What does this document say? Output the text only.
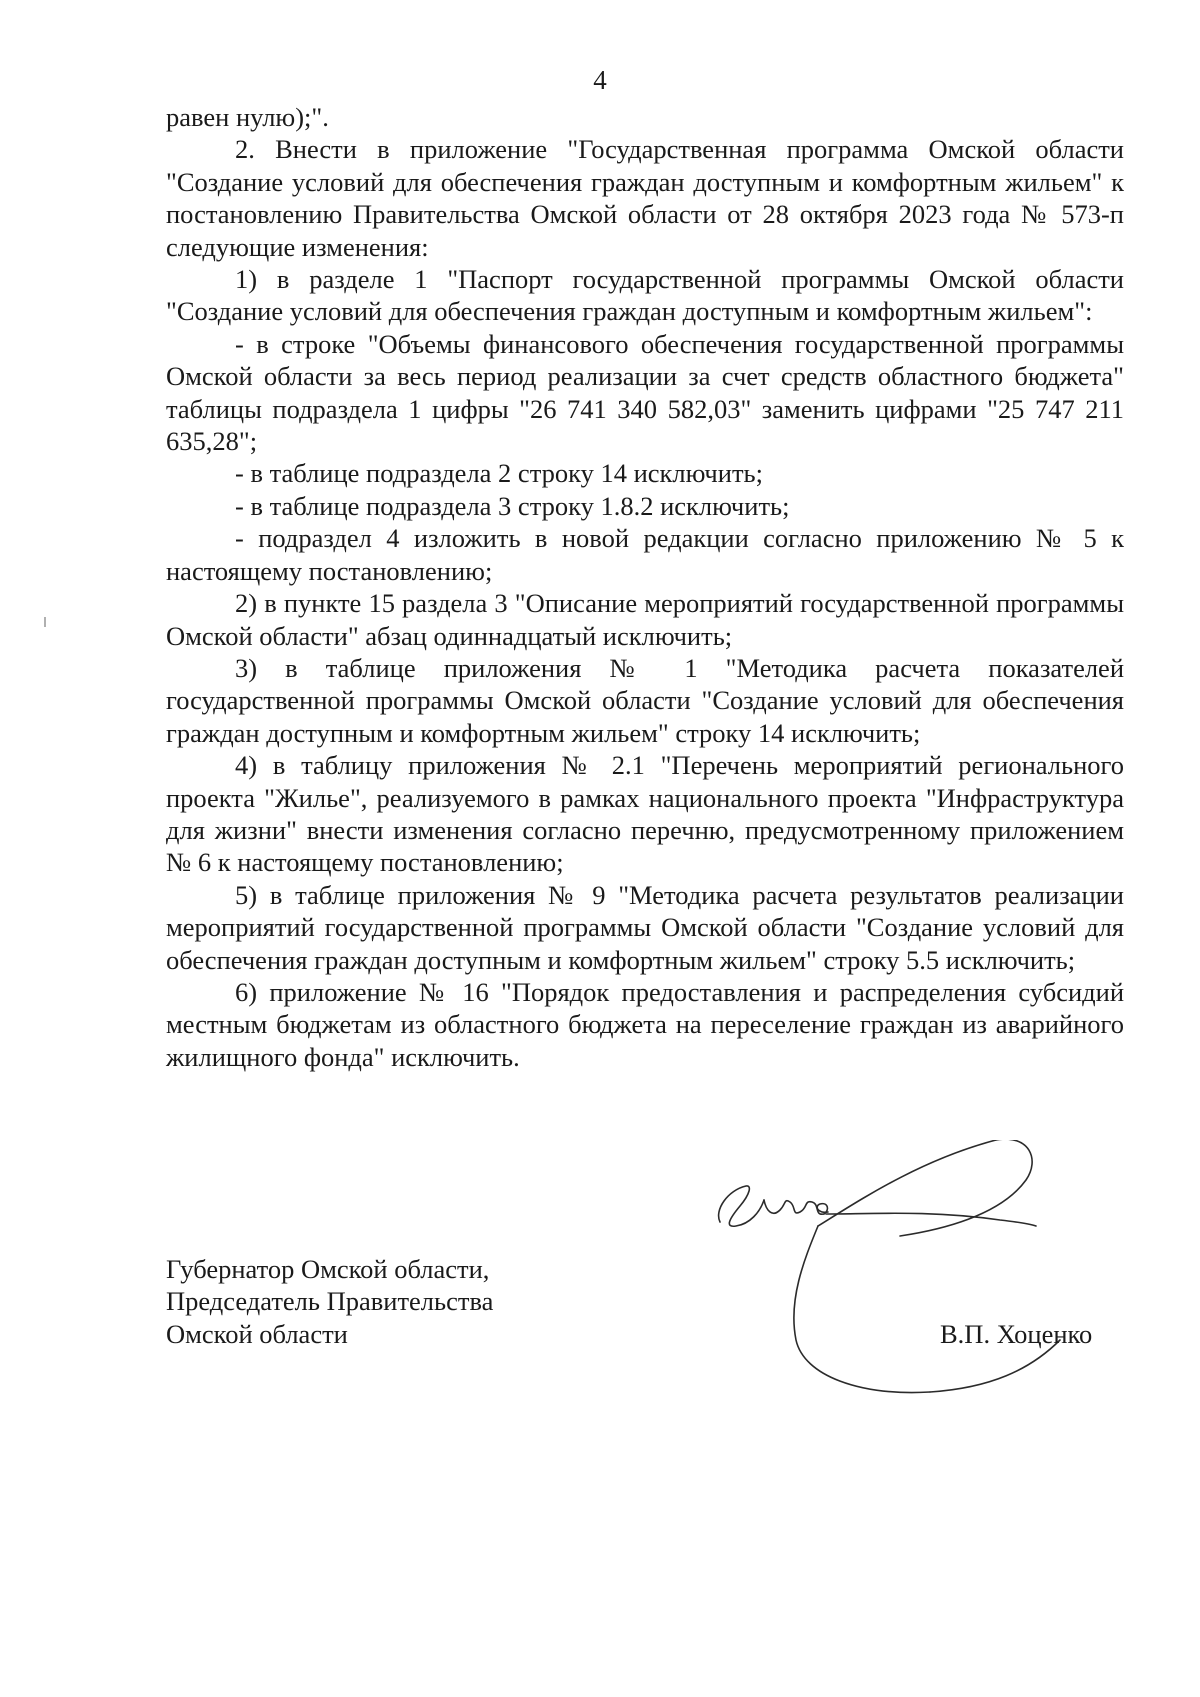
4

равен нулю);".

2. Внести в приложение "Государственная программа Омской области "Создание условий для обеспечения граждан доступным и комфортным жильем" к постановлению Правительства Омской области от 28 октября 2023 года № 573-п следующие изменения:

1) в разделе 1 "Паспорт государственной программы Омской области "Создание условий для обеспечения граждан доступным и комфортным жильем":

- в строке "Объемы финансового обеспечения государственной программы Омской области за весь период реализации за счет средств областного бюджета" таблицы подраздела 1 цифры "26 741 340 582,03" заменить цифрами "25 747 211 635,28";

- в таблице подраздела 2 строку 14 исключить;

- в таблице подраздела 3 строку 1.8.2 исключить;

- подраздел 4 изложить в новой редакции согласно приложению № 5 к настоящему постановлению;

2) в пункте 15 раздела 3 "Описание мероприятий государственной программы Омской области" абзац одиннадцатый исключить;

3) в таблице приложения № 1 "Методика расчета показателей государственной программы Омской области "Создание условий для обеспечения граждан доступным и комфортным жильем" строку 14 исключить;

4) в таблицу приложения № 2.1 "Перечень мероприятий регионального проекта "Жилье", реализуемого в рамках национального проекта "Инфраструктура для жизни" внести изменения согласно перечню, предусмотренному приложением № 6 к настоящему постановлению;

5) в таблице приложения № 9 "Методика расчета результатов реализации мероприятий государственной программы Омской области "Создание условий для обеспечения граждан доступным и комфортным жильем" строку 5.5 исключить;

6) приложение № 16 "Порядок предоставления и распределения субсидий местным бюджетам из областного бюджета на переселение граждан из аварийного жилищного фонда" исключить.

Губернатор Омской области,
Председатель Правительства
Омской области	В.П. Хоценко
